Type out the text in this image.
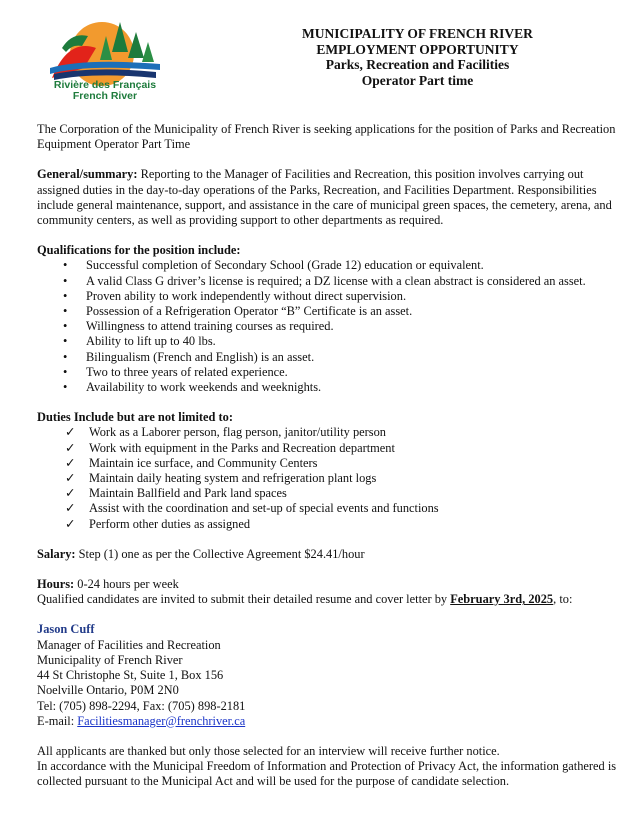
Rivière des Français
French River
MUNICIPALITY OF FRENCH RIVER
EMPLOYMENT OPPORTUNITY
Parks, Recreation and Facilities
Operator Part time

The Corporation of the Municipality of French River is seeking applications for the position of Parks and Recreation Equipment Operator Part Time

General/summary: Reporting to the Manager of Facilities and Recreation, this position involves carrying out assigned duties in the day-to-day operations of the Parks, Recreation, and Facilities Department. Responsibilities include general maintenance, support, and assistance in the care of municipal green spaces, the cemetery, arena, and community centers, as well as providing support to other departments as required.

Qualifications for the position include:

• Successful completion of Secondary School (Grade 12) education or equivalent.
• A valid Class G driver’s license is required; a DZ license with a clean abstract is considered an asset.
• Proven ability to work independently without direct supervision.
• Possession of a Refrigeration Operator “B” Certificate is an asset.
• Willingness to attend training courses as required.
• Ability to lift up to 40 lbs.
• Bilingualism (French and English) is an asset.
• Two to three years of related experience.
• Availability to work weekends and weeknights.

Duties Include but are not limited to:

✓ Work as a Laborer person, flag person, janitor/utility person
✓ Work with equipment in the Parks and Recreation department
✓ Maintain ice surface, and Community Centers
✓ Maintain daily heating system and refrigeration plant logs
✓ Maintain Ballfield and Park land spaces
✓ Assist with the coordination and set-up of special events and functions
✓ Perform other duties as assigned

Salary: Step (1) one as per the Collective Agreement $24.41/hour

Hours: 0-24 hours per week

Qualified candidates are invited to submit their detailed resume and cover letter by February 3rd, 2025, to:

Jason Cuff

Manager of Facilities and Recreation

Municipality of French River

44 St Christophe St, Suite 1, Box 156

Noelville Ontario, P0M 2N0

Tel: (705) 898-2294, Fax: (705) 898-2181

E-mail: Facilitiesmanager@frenchriver.ca

All applicants are thanked but only those selected for an interview will receive further notice.

In accordance with the Municipal Freedom of Information and Protection of Privacy Act, the information gathered is collected pursuant to the Municipal Act and will be used for the purpose of candidate selection.
